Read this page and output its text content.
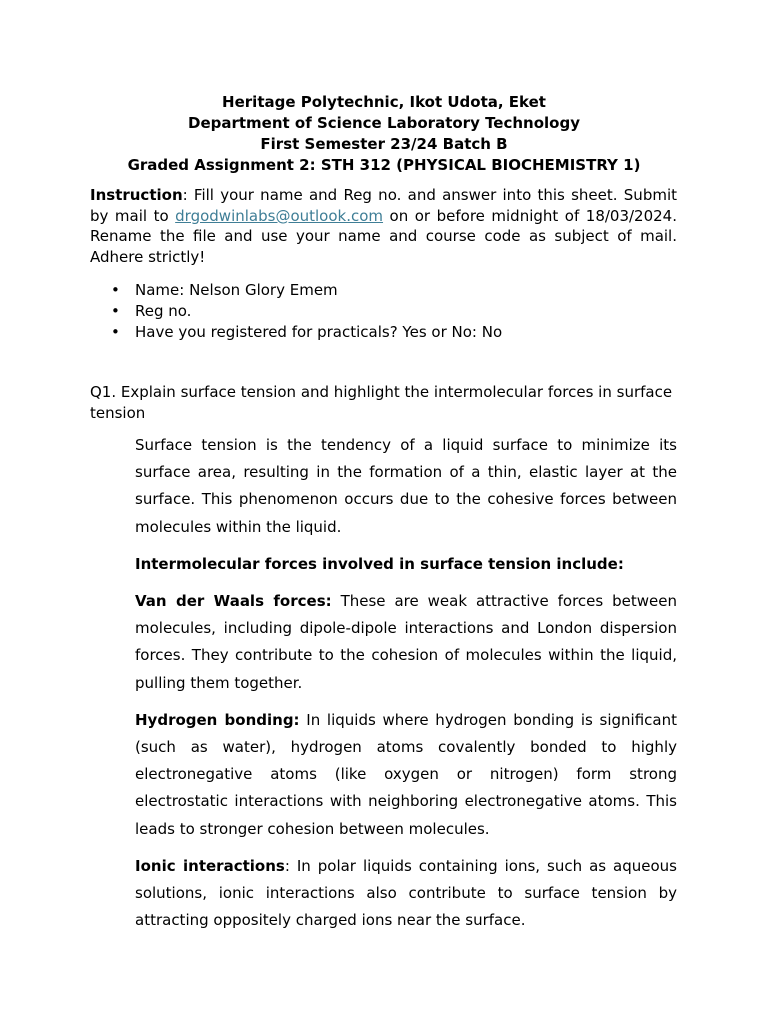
Heritage Polytechnic, Ikot Udota, Eket
Department of Science Laboratory Technology
First Semester 23/24 Batch B
Graded Assignment 2: STH 312 (PHYSICAL BIOCHEMISTRY 1)
Instruction: Fill your name and Reg no. and answer into this sheet. Submit by mail to drgodwinlabs@outlook.com on or before midnight of 18/03/2024. Rename the file and use your name and course code as subject of mail. Adhere strictly!
• Name: Nelson Glory Emem
• Reg no.
• Have you registered for practicals? Yes or No: No
Q1. Explain surface tension and highlight the intermolecular forces in surface tension

Surface tension is the tendency of a liquid surface to minimize its surface area, resulting in the formation of a thin, elastic layer at the surface. This phenomenon occurs due to the cohesive forces between molecules within the liquid.

Intermolecular forces involved in surface tension include:

Van der Waals forces: These are weak attractive forces between molecules, including dipole-dipole interactions and London dispersion forces. They contribute to the cohesion of molecules within the liquid, pulling them together.

Hydrogen bonding: In liquids where hydrogen bonding is significant (such as water), hydrogen atoms covalently bonded to highly electronegative atoms (like oxygen or nitrogen) form strong electrostatic interactions with neighboring electronegative atoms. This leads to stronger cohesion between molecules.

Ionic interactions: In polar liquids containing ions, such as aqueous solutions, ionic interactions also contribute to surface tension by attracting oppositely charged ions near the surface.
